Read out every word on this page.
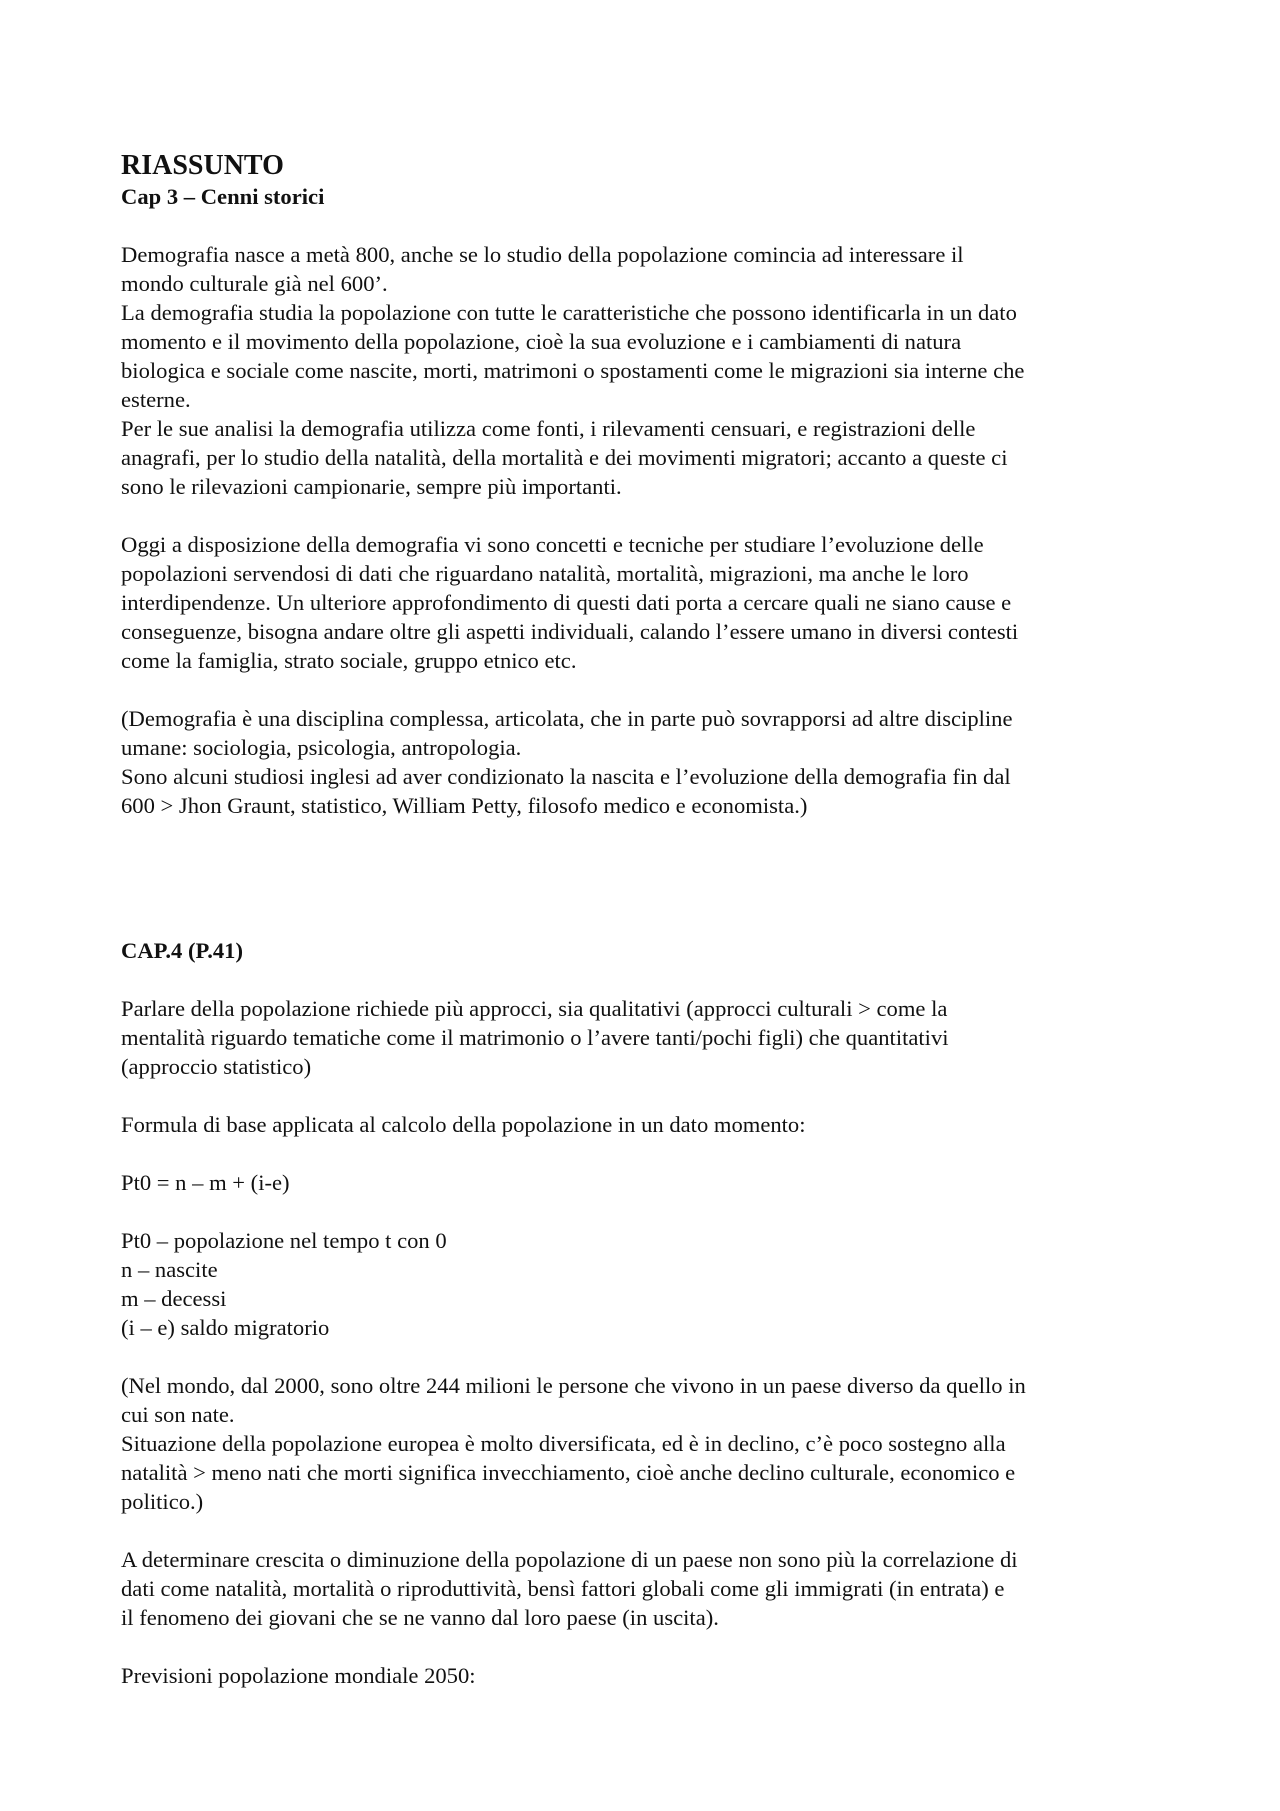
RIASSUNTO
Cap 3 – Cenni storici
Demografia nasce a metà 800, anche se lo studio della popolazione comincia ad interessare il
mondo culturale già nel 600’.
La demografia studia la popolazione con tutte le caratteristiche che possono identificarla in un dato
momento e il movimento della popolazione, cioè la sua evoluzione e i cambiamenti di natura
biologica e sociale come nascite, morti, matrimoni o spostamenti come le migrazioni sia interne che
esterne.
Per le sue analisi la demografia utilizza come fonti, i rilevamenti censuari, e registrazioni delle
anagrafi, per lo studio della natalità, della mortalità e dei movimenti migratori; accanto a queste ci
sono le rilevazioni campionarie, sempre più importanti.
Oggi a disposizione della demografia vi sono concetti e tecniche per studiare l’evoluzione delle
popolazioni servendosi di dati che riguardano natalità, mortalità, migrazioni, ma anche le loro
interdipendenze. Un ulteriore approfondimento di questi dati porta a cercare quali ne siano cause e
conseguenze, bisogna andare oltre gli aspetti individuali, calando l’essere umano in diversi contesti
come la famiglia, strato sociale, gruppo etnico etc.
(Demografia è una disciplina complessa, articolata, che in parte può sovrapporsi ad altre discipline
umane: sociologia, psicologia, antropologia.
Sono alcuni studiosi inglesi ad aver condizionato la nascita e l’evoluzione della demografia fin dal
600 > Jhon Graunt, statistico, William Petty, filosofo medico e economista.)
CAP.4 (P.41)
Parlare della popolazione richiede più approcci, sia qualitativi (approcci culturali > come la
mentalità riguardo tematiche come il matrimonio o l’avere tanti/pochi figli) che quantitativi
(approccio statistico)
Formula di base applicata al calcolo della popolazione in un dato momento:
Pt0 = n – m + (i-e)
Pt0 – popolazione nel tempo t con 0
n – nascite
m – decessi
(i – e) saldo migratorio
(Nel mondo, dal 2000, sono oltre 244 milioni le persone che vivono in un paese diverso da quello in
cui son nate.
Situazione della popolazione europea è molto diversificata, ed è in declino, c’è poco sostegno alla
natalità > meno nati che morti significa invecchiamento, cioè anche declino culturale, economico e
politico.)
A determinare crescita o diminuzione della popolazione di un paese non sono più la correlazione di
dati come natalità, mortalità o riproduttività, bensì fattori globali come gli immigrati (in entrata) e
il fenomeno dei giovani che se ne vanno dal loro paese (in uscita).
Previsioni popolazione mondiale 2050:
